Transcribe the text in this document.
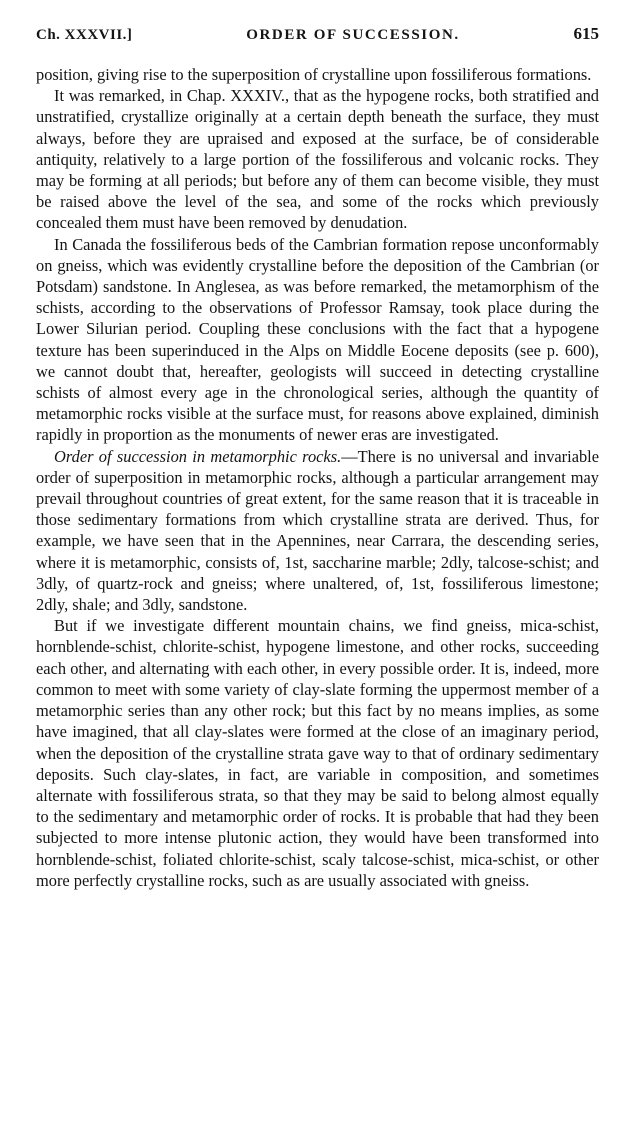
Ch. XXXVII.]	ORDER OF SUCCESSION.	615

position, giving rise to the superposition of crystalline upon fossiliferous formations.

It was remarked, in Chap. XXXIV., that as the hypogene rocks, both stratified and unstratified, crystallize originally at a certain depth beneath the surface, they must always, before they are upraised and exposed at the surface, be of considerable antiquity, relatively to a large portion of the fossiliferous and volcanic rocks. They may be forming at all periods; but before any of them can become visible, they must be raised above the level of the sea, and some of the rocks which previously concealed them must have been removed by denudation.

In Canada the fossiliferous beds of the Cambrian formation repose unconformably on gneiss, which was evidently crystalline before the deposition of the Cambrian (or Potsdam) sandstone. In Anglesea, as was before remarked, the metamorphism of the schists, according to the observations of Professor Ramsay, took place during the Lower Silurian period. Coupling these conclusions with the fact that a hypogene texture has been superinduced in the Alps on Middle Eocene deposits (see p. 600), we cannot doubt that, hereafter, geologists will succeed in detecting crystalline schists of almost every age in the chronological series, although the quantity of metamorphic rocks visible at the surface must, for reasons above explained, diminish rapidly in proportion as the monuments of newer eras are investigated.

Order of succession in metamorphic rocks.—There is no universal and invariable order of superposition in metamorphic rocks, although a particular arrangement may prevail throughout countries of great extent, for the same reason that it is traceable in those sedimentary formations from which crystalline strata are derived. Thus, for example, we have seen that in the Apennines, near Carrara, the descending series, where it is metamorphic, consists of, 1st, saccharine marble; 2dly, talcose-schist; and 3dly, of quartz-rock and gneiss; where unaltered, of, 1st, fossiliferous limestone; 2dly, shale; and 3dly, sandstone.

But if we investigate different mountain chains, we find gneiss, mica-schist, hornblende-schist, chlorite-schist, hypogene limestone, and other rocks, succeeding each other, and alternating with each other, in every possible order. It is, indeed, more common to meet with some variety of clay-slate forming the uppermost member of a metamorphic series than any other rock; but this fact by no means implies, as some have imagined, that all clay-slates were formed at the close of an imaginary period, when the deposition of the crystalline strata gave way to that of ordinary sedimentary deposits. Such clay-slates, in fact, are variable in composition, and sometimes alternate with fossiliferous strata, so that they may be said to belong almost equally to the sedimentary and metamorphic order of rocks. It is probable that had they been subjected to more intense plutonic action, they would have been transformed into hornblende-schist, foliated chlorite-schist, scaly talcose-schist, mica-schist, or other more perfectly crystalline rocks, such as are usually associated with gneiss.
